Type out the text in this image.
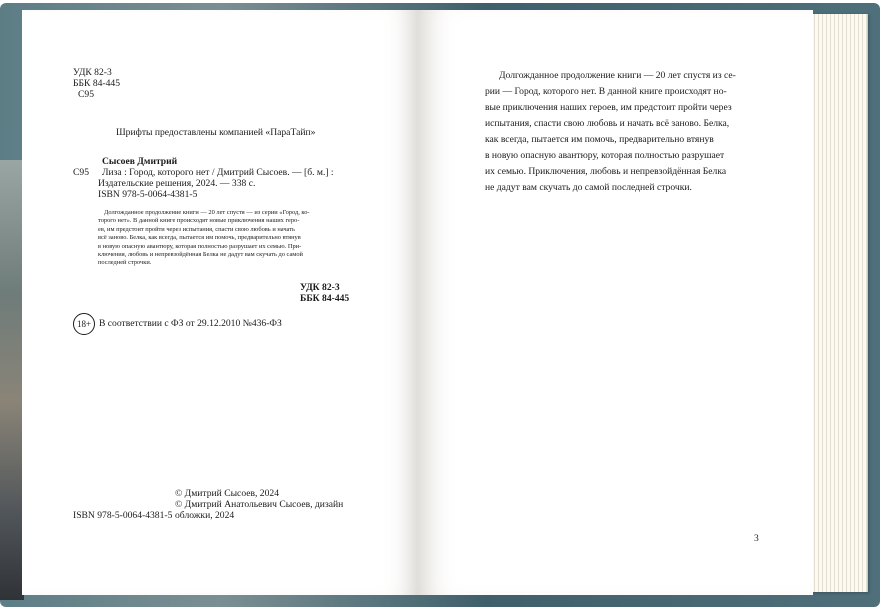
УДК 82-3
ББК 84-445
С95
Шрифты предоставлены компанией «ПараТайп»
Сысоев Дмитрий
С95 Лиза : Город, которого нет / Дмитрий Сысоев. — [б. м.] :
Издательские решения, 2024. — 338 с.
ISBN 978-5-0064-4381-5
Долгожданное продолжение книги — 20 лет спустя — из серии «Город, ко-
торого нет». В данной книге происходят новые приключения наших геро-
ев, им предстоит пройти через испытания, спасти свою любовь и начать
всё заново. Белка, как всегда, пытается им помочь, предварительно втянув
в новую опасную авантюру, которая полностью разрушает их семью. При-
ключения, любовь и непревзойдённая Белка не дадут вам скучать до самой
последней строчки.
УДК 82-3
ББК 84-445
18+ В соответствии с ФЗ от 29.12.2010 №436-ФЗ
© Дмитрий Сысоев, 2024
© Дмитрий Анатольевич Сысоев, дизайн
ISBN 978-5-0064-4381-5 обложки, 2024
Долгожданное продолжение книги — 20 лет спустя из се-
рии — Город, которого нет. В данной книге происходят но-
вые приключения наших героев, им предстоит пройти через
испытания, спасти свою любовь и начать всё заново. Белка,
как всегда, пытается им помочь, предварительно втянув
в новую опасную авантюру, которая полностью разрушает
их семью. Приключения, любовь и непревзойдённая Белка
не дадут вам скучать до самой последней строчки.
3
